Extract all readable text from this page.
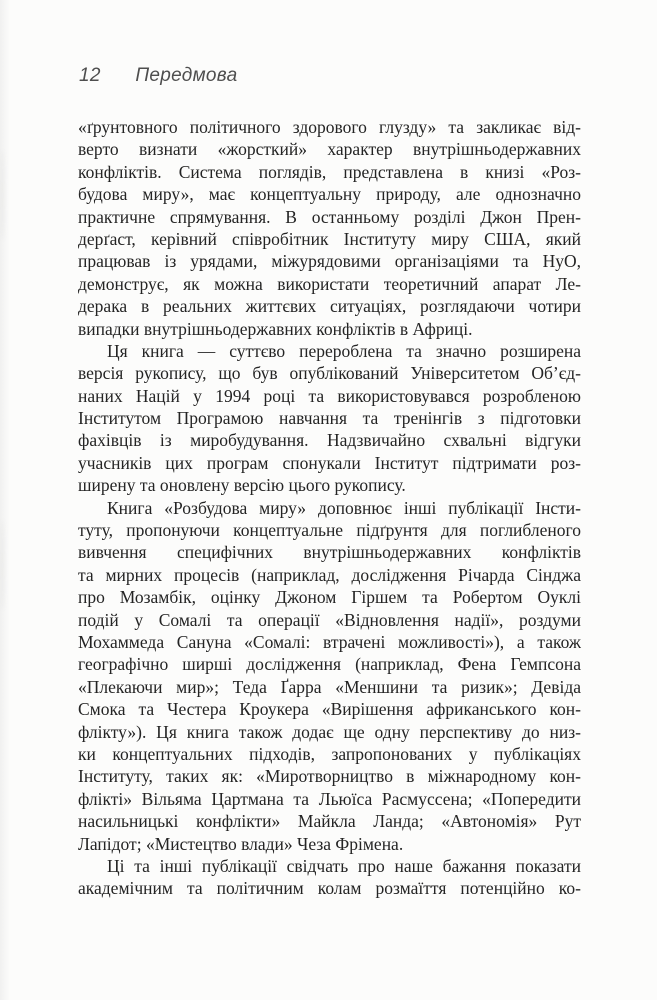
12 Передмова
«ґрунтовного політичного здорового глузду» та закликає від-
верто визнати «жорсткий» характер внутрішньодержавних
конфліктів. Система поглядів, представлена в книзі «Роз-
будова миру», має концептуальну природу, але однозначно
практичне спрямування. В останньому розділі Джон Прен-
дерґаст, керівний співробітник Інституту миру США, який
працював із урядами, міжурядовими організаціями та НуО,
демонструє, як можна використати теоретичний апарат Ле-
дерака в реальних життєвих ситуаціях, розглядаючи чотири
випадки внутрішньодержавних конфліктів в Африці.
Ця книга — суттєво перероблена та значно розширена
версія рукопису, що був опублікований Університетом Об’єд-
наних Націй у 1994 році та використовувався розробленою
Інститутом Програмою навчання та тренінгів з підготовки
фахівців із миробудування. Надзвичайно схвальні відгуки
учасників цих програм спонукали Інститут підтримати роз-
ширену та оновлену версію цього рукопису.
Книга «Розбудова миру» доповнює інші публікації Інсти-
туту, пропонуючи концептуальне підґрунтя для поглибленого
вивчення специфічних внутрішньодержавних конфліктів
та мирних процесів (наприклад, дослідження Річарда Сінджа
про Мозамбік, оцінку Джоном Гіршем та Робертом Оуклі
подій у Сомалі та операції «Відновлення надії», роздуми
Мохаммеда Сануна «Сомалі: втрачені можливості»), а також
географічно ширші дослідження (наприклад, Фена Гемпсона
«Плекаючи мир»; Теда Ґарра «Меншини та ризик»; Девіда
Смока та Честера Кроукера «Вирішення африканського кон-
флікту»). Ця книга також додає ще одну перспективу до низ-
ки концептуальних підходів, запропонованих у публікаціях
Інституту, таких як: «Миротворництво в міжнародному кон-
флікті» Вільяма Цартмана та Льюїса Расмуссена; «Попередити
насильницькі конфлікти» Майкла Ланда; «Автономія» Рут
Лапідот; «Мистецтво влади» Чеза Фрімена.
Ці та інші публікації свідчать про наше бажання показати
академічним та політичним колам розмаїття потенційно ко-
